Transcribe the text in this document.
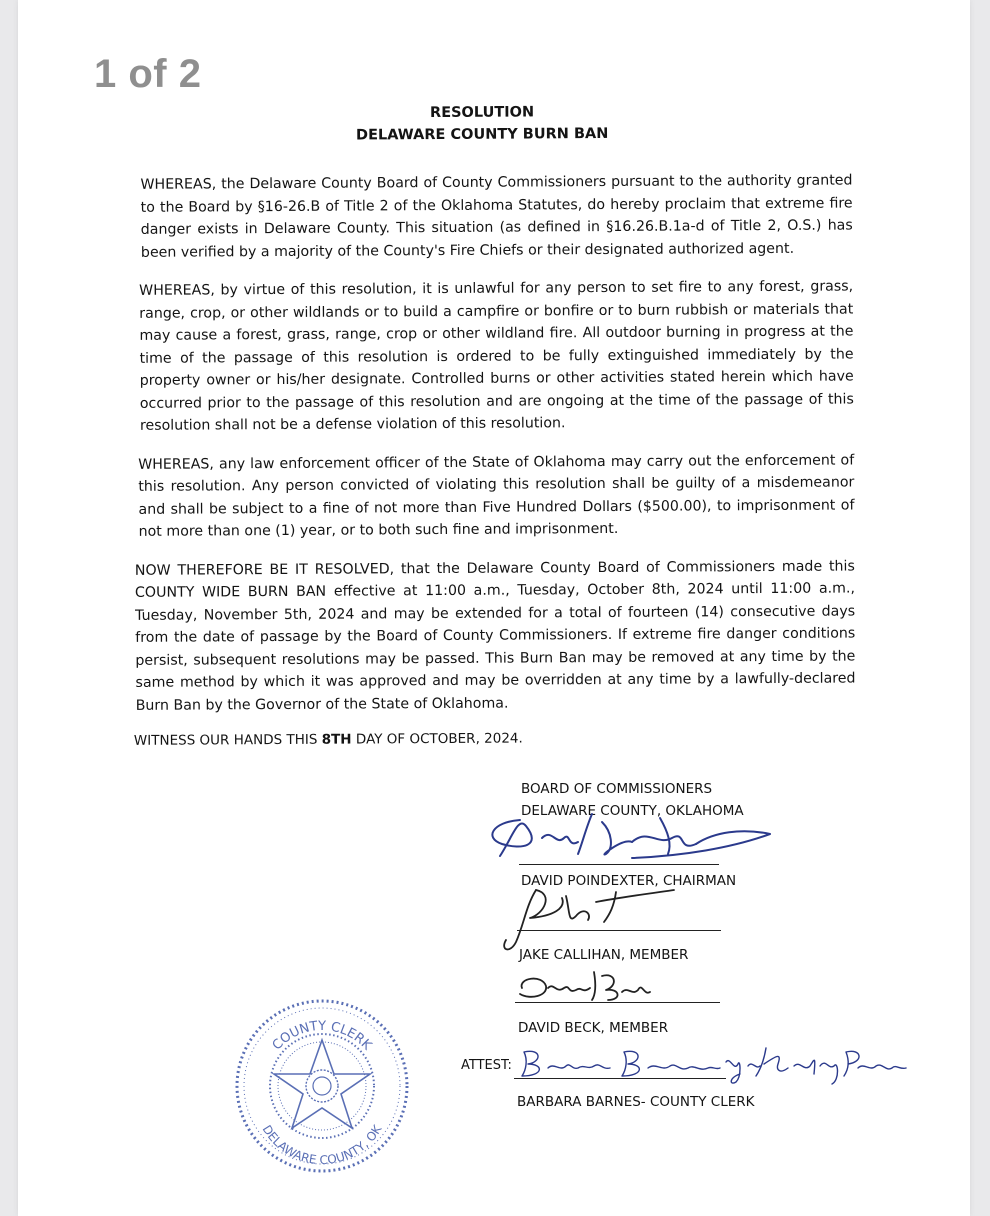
1 of 2
RESOLUTION
DELAWARE COUNTY BURN BAN

WHEREAS, the Delaware County Board of County Commissioners pursuant to the authority granted to the Board by §16-26.B of Title 2 of the Oklahoma Statutes, do hereby proclaim that extreme fire danger exists in Delaware County. This situation (as defined in §16.26.B.1a-d of Title 2, O.S.) has been verified by a majority of the County's Fire Chiefs or their designated authorized agent.

WHEREAS, by virtue of this resolution, it is unlawful for any person to set fire to any forest, grass, range, crop, or other wildlands or to build a campfire or bonfire or to burn rubbish or materials that may cause a forest, grass, range, crop or other wildland fire. All outdoor burning in progress at the time of the passage of this resolution is ordered to be fully extinguished immediately by the property owner or his/her designate. Controlled burns or other activities stated herein which have occurred prior to the passage of this resolution and are ongoing at the time of the passage of this resolution shall not be a defense violation of this resolution.

WHEREAS, any law enforcement officer of the State of Oklahoma may carry out the enforcement of this resolution. Any person convicted of violating this resolution shall be guilty of a misdemeanor and shall be subject to a fine of not more than Five Hundred Dollars ($500.00), to imprisonment of not more than one (1) year, or to both such fine and imprisonment.

NOW THEREFORE BE IT RESOLVED, that the Delaware County Board of Commissioners made this COUNTY WIDE BURN BAN effective at 11:00 a.m., Tuesday, October 8th, 2024 until 11:00 a.m., Tuesday, November 5th, 2024 and may be extended for a total of fourteen (14) consecutive days from the date of passage by the Board of County Commissioners. If extreme fire danger conditions persist, subsequent resolutions may be passed. This Burn Ban may be removed at any time by the same method by which it was approved and may be overridden at any time by a lawfully-declared Burn Ban by the Governor of the State of Oklahoma.

WITNESS OUR HANDS THIS 8TH DAY OF OCTOBER, 2024.
BOARD OF COMMISSIONERS
DELAWARE COUNTY, OKLAHOMA
DAVID POINDEXTER, CHAIRMAN
JAKE CALLIHAN, MEMBER
DAVID BECK, MEMBER
ATTEST:
BARBARA BARNES- COUNTY CLERK
COUNTY CLERK
DELAWARE COUNTY, OK
